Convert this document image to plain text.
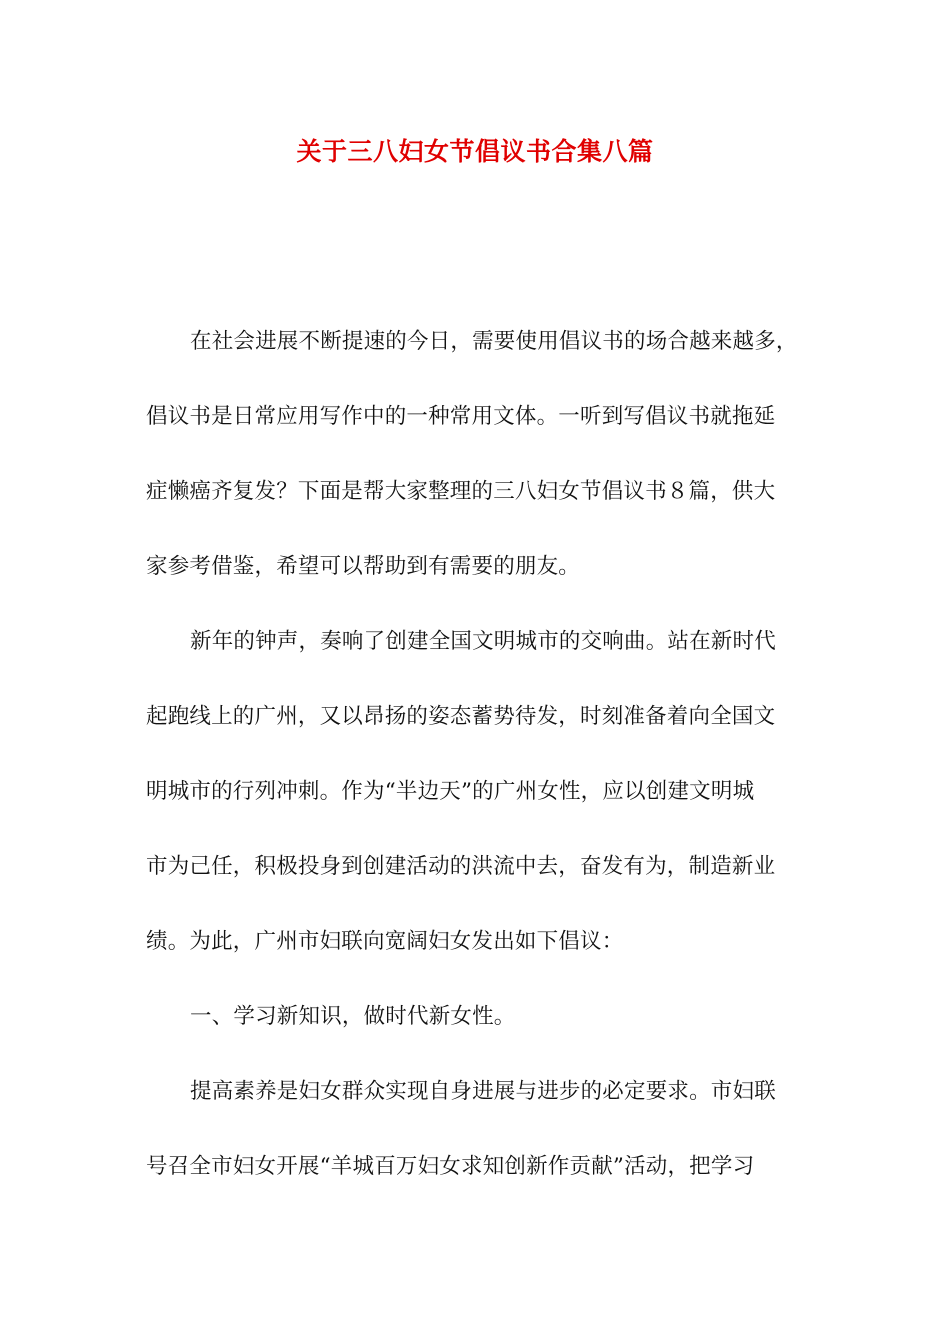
关于三八妇女节倡议书合集八篇
在社会进展不断提速的今日，需要使用倡议书的场合越来越多，
倡议书是日常应用写作中的一种常用文体。一听到写倡议书就拖延
症懒癌齐复发？下面是帮大家整理的三八妇女节倡议书８篇，供大
家参考借鉴，希望可以帮助到有需要的朋友。
新年的钟声，奏响了创建全国文明城市的交响曲。站在新时代
起跑线上的广州，又以昂扬的姿态蓄势待发，时刻准备着向全国文
明城市的行列冲刺。作为“半边天”的广州女性，应以创建文明城
市为己任，积极投身到创建活动的洪流中去，奋发有为，制造新业
绩。为此，广州市妇联向宽阔妇女发出如下倡议：
一、学习新知识，做时代新女性。
提高素养是妇女群众实现自身进展与进步的必定要求。市妇联
号召全市妇女开展“羊城百万妇女求知创新作贡献”活动，把学习
